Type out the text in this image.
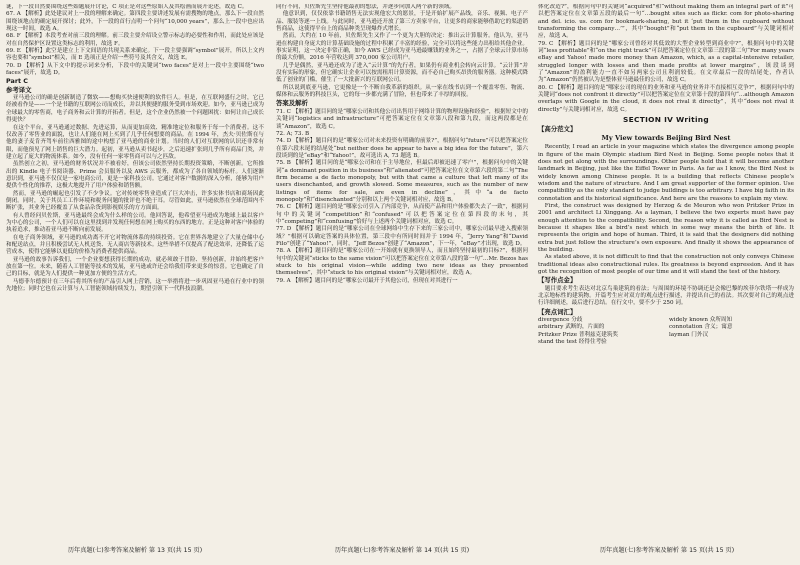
谜，下一段自然要围绕这些始题展开讨论，C 项正是对这些原始人及其绘画而展开论述，故选 C。

67. A 【解析】此处建议对上一段的理解来确定。第四段主要讲述发展有需搜物的地点，那么下一段自然围绕该地点的确定展开探讨；此外，下一段的首行点明一个问句“10,000 years”，那么上一段中也应出现这一时间，故选 A。

68. F 【解析】本段考查对前三段的理解。前三段主要介绍设立警示标志的必要性和作用，而此处应该是对在自然保护区设置这类标志的利用，故选 F。

69. E 【解析】此空是建立上下文间语的共现关系来确定。下一段主要强调“symbol”展开，所以上文内容也要和“symbol”相关，而 E 选项正是介绍一些符号及其含义，故选 E。

70. D 【解析】从下文中的提示词来分析，下段中的关键词“two faces”是对上一段中主要围绕“two faces”展开，故选 D。

Part C
参考译文

亚马逊公司的确是创新制造了微软——想购买快速便利的软件巨人。但是，在互联网盛行之时，它已经被看作是——一个是书籍的互联网公司而成长，并以其便捷的服务受到市场欢迎。如今，亚马逊已成为全球最大的零售商，电子商务和云计算的开拓者。但是，这个企业仍然被一个问题困扰：如何让自己成长得更快？

在这个平台，亚马逊通过数据、先进运算，从而更加高效、精准地定位和服务于每一个消费者。这不仅改善了零售业的面貌，也让人们能在网上买到了几乎任何想要的商品。在 1994 年，杰夫·贝佐斯在与他的妻子麦肯齐驾车前往西雅图的途中构想了亚马逊的商业计划。当时的人们对互联网的认识还非常有限，而他预见了网上销售的巨大潜力。起初，亚马逊从卖书起步，之后迅速扩张到几乎所有商品门类，并建立起了庞大的物流体系。如今，没有任何一家零售商可以与之匹敌。

虽然创立之初，亚马逊的财务状况并不被看好，但该公司依然坚持长期投资策略，不断创新。它所推出的 Kindle 电子书阅读器、Prime 会员服务以及 AWS 云服务，都成为了各自领域的标杆。人们逐渐意识到，亚马逊不仅仅是一家电商公司，更是一家科技公司。它通过对客户数据的深入分析，能够为用户提供个性化的推荐，这极大地提升了用户体验和销售额。

然而，亚马逊的崛起也引发了不少争议。它对传统零售业造成了巨大冲击，许多实体书店和商场因此倒闭。同时，关于其员工工作环境和税务问题的批评也不绝于耳。尽管如此，亚马逊依然在全球范围内不断扩张，其业务已经覆盖了从食品杂货到影视娱乐的方方面面。

有人曾经问贝佐斯，亚马逊最终会成为什么样的公司。他回答说，他希望亚马逊成为地球上最以客户为中心的公司，一个人们可以在这里找到并发现任何想在网上购买的东西的地方。正是这种对客户体验的执着追求，推动着亚马逊不断向前发展。

在电子商务领域，亚马逊的成功离不开它对物流体系的持续投资。它在世界各地建立了大量仓储中心和配送站点，并且积极尝试无人机送货、无人商店等新技术。这些举措不仅提高了配送效率，还降低了运营成本，使得它能够以更低的价格为消费者提供商品。

亚马逊的故事告诉我们，一个企业要想获得长期的成功，就必须敢于冒险、坚持创新，并始终把客户放在第一位。未来，随着人工智能等技术的发展，亚马逊或许还会给我们带来更多的惊喜。它也确定了自己的目标，就是为人们提供一种更加方便的生活方式。

马德菲尔德预计在三年后将其所有的产品引入网上营销，这一举措将进一步巩固亚马逊在行业中的领先地位；同时它也在云计算与人工智能领域持续发力，期望引领下一代科技浪潮。

同行不同，贝佐斯先生坚持他最初的想法，并逐步向加入两个新的领域。

他意识到，仅仅依靠书籍销售无法实现他宏大的愿景，于是开始扩展产品线，音乐、视频、电子产品、服装等逐一上线。与此同时，亚马逊还开放了第三方卖家平台，让更多的商家能够借助它的渠道销售商品，这使得平台上的商品种类呈现爆炸式增长。

然而，大约在 10 年前，贝佐斯先生又作了一个更为大胆的决定：推出云计算服务。他认为，亚马逊在构建自身庞大的计算基础设施的过程中积累了丰富的经验，完全可以将这些能力出租给其他企业。事实证明，这一决定非常正确，如今 AWS 已经成为亚马逊最赚钱的业务之一，占据了全球云计算市场的最大份额，2016 年营收达到 370,000 家公司用户。

几乎是偶然，亚马逊还成为了进入“云计算”的先行者，如果仍有商业机会转向云计算。“云计算”并没有实际的形象，但它确实让企业可以按需租用计算资源，而不必自己购买昂贵的服务器。这种模式降低了创业的门槛，催生了一大批新兴的互联网公司。

所以说到底亚马逊，它更像是一个不断自我革新的组织。从一家在线书店到一个覆盖零售、物流、媒体和云服务的科技巨头，它的每一步都充满了冒险，但也带来了丰厚的回报。

答案及解析

71. C 【解析】题目问的是“哪家公司和其他公司出售用于网络计算的物理设施和经验”，根据短文中的关键词“logistics and infrastructure”可把答案定位在文章第八段和第九段，而这两段都是在谈“Amazon”，故选 C。

72. A; 73. B

74. D 【解析】题目问的是“哪家公司对未来投资有明确的前景?”，根据问句“future”可以把答案定位在第六段末尾的结尾处“but neither does he appear to have a big idea for the future”，第六段谈到的是“eBay”和“Yahoo!”，故可选出 A, 73 题选 B。

75. B 【解析】题目问的是“哪家公司和在于主导地位，但最后却被迅速了零户”，根据问句中的关键词“a dominant position in its business”和“alienated”可把答案定位在文章第六段的第二句“The firm became a de facto monopoly, but with that came a culture that left many of its users disenchanted, and growth slowed. Some measures, such as the number of new listings of items for sale, are even in decline”，其中“a de facto monopoly”和“disenchanted”分别和以上两个关键词相对应，故选 B。

76. C 【解析】题目问的是“哪家公司引入了内部竞争，从而使产品和用户体验都失去了一致”，根据问句中的关键词“competition”和“confused”可以把答案定位在第四段的末句，其中“competing”和“confusing”恰好与上述两个关键词相对应，故选 C。

77. D 【解析】题目问的是“哪家公司在全球网络中生存下来的三家公司中，哪家公司最早进入搜索领域？”根据可以确定答案的具体位置，第三段中有所同时间并于 1994 年，“Jerry Yang”和“David Filo”创建了“Yahoo!”，同时，“Jeff Bezos”创建了“Amazon”，下一年，“eBay”才出现，故选 D。

78. A 【解析】题目问的是“哪家公司在一开始就有更换领导人，而且始终坚持最初的目标?”，根据问句中的关键词“sticks to the same vision”可以把答案定位在文章第八段的第一句“…Mr. Bezos has stuck to his original vision—while adding two new ideas as they presented themselves”，其中“stuck to his original vision”与关键词相对应，故选 A。

79. A 【解析】题目问的是“哪家公司最开于其他公司，但现在对其进行一

体化改造?”，根据问句中的关键词“acquired”和“without making them an integral part of it”可以把答案定位在文章第五段的最后一句“…bought sites such as flickr. com for photo-sharing and del. icio. us. com for bookmark-sharing, but it ‘put them in the cupboard without transforming the company…’”，其中“bought”和“put them in the cupboard”与关键词相对应，故选 A。

79. C 【解析】题目问的是“哪家公司曾经对其低效的大型企业转型到商业中?”，根据问句中的关键词“less profitable”和“on the right track”可以把答案定位在文章第三段的第二句“For many years eBay and Yahoo! made more money than Amazon, which, as a capital-intensive retailer, struggled longer with losses and then made profits at lower margins”，该段谈到了“Amazon”的盈利能力一直不如另两家公司且利润较低。在文章最后一段的结尾处，作者认为“Amazon”仍然被认为是整体亚马逊最佳的公司，故选 C。

80. C 【解析】题目问的是“哪家公司的现在的业务和亚马逊的业务并不直接相互竞争?”，根据问句中的关键词“does not confront it directly”可以把答案定位在文章第十段的第四句“…although Amazon overlaps with Google in the cloud, it does not rival it directly”，其中“does not rival it directly”与关键词相对应，故选 C。

SECTION IV Writing
【高分范文】
My View towards Beijing Bird Nest

Recently, I read an article in your magazine which states the divergence among people in figure of the main Olympic stadium Bird Nest in Beijing. Some people notes that it does not get along with the surroundings. Other people hold that it will become another landmark in Beijing, just like the Eiffel Tower in Paris. As far as I know, the Bird Nest is widely known among Chinese people. It is a building that reflects Chinese people’s wisdom and the nature of structure. And I am great supporter of the former opinion. Use compatibility as the only standard to judge buildings is too arbitrary. I have big faith in its connotation and its historical significance. And here are the reasons to explain my view.

First, the construct was designed by Herzog & de Meuron who won Pritzker Prize in 2001 and architect Li Xinggang. As a layman, I believe the two experts must have pay enough attention to the compatibility. Second, the reason why it is called as Bird Nest is because it shapes like a bird’s nest which in some way means the birth of life. It represents the origin and hope of human. Third, it is said that the designers did nothing extra but just follow the structure’s own exposure. And finally it shows the appearance of the building.

As stated above, it is not difficult to find that the construction not only conveys Chinese traditional ideas also constructional rules. Its greatness is beyond expression. And it has got the recognition of most people of our time and it will stand the test of the history.

【写作点金】

题目要求考生表达对北京鸟巢建筑的看法；与周围的环境不协调还是会像巴黎的埃菲尔铁塔一样成为北京地标性的建筑物。开篇考生应对双方的观点进行描述，并提出自己的看法。其次要对自己的观点进行详细阐述，最后进行总结。在行文中，要不少于 250 词。

【亮点词汇】
divergence 分歧	widely known 众所周知
arbitrary 武断的，片面的	connotation 含义；寓意
Pritzker Prize 普利兹克建筑奖	layman 门外汉
stand the test 经得住考验
历年真题(七)参考答案及解析 第 13 页(共 15 页)	历年真题(七)参考答案及解析 第 14 页(共 15 页)	历年真题(七)参考答案及解析 第 15 页(共 15 页)
